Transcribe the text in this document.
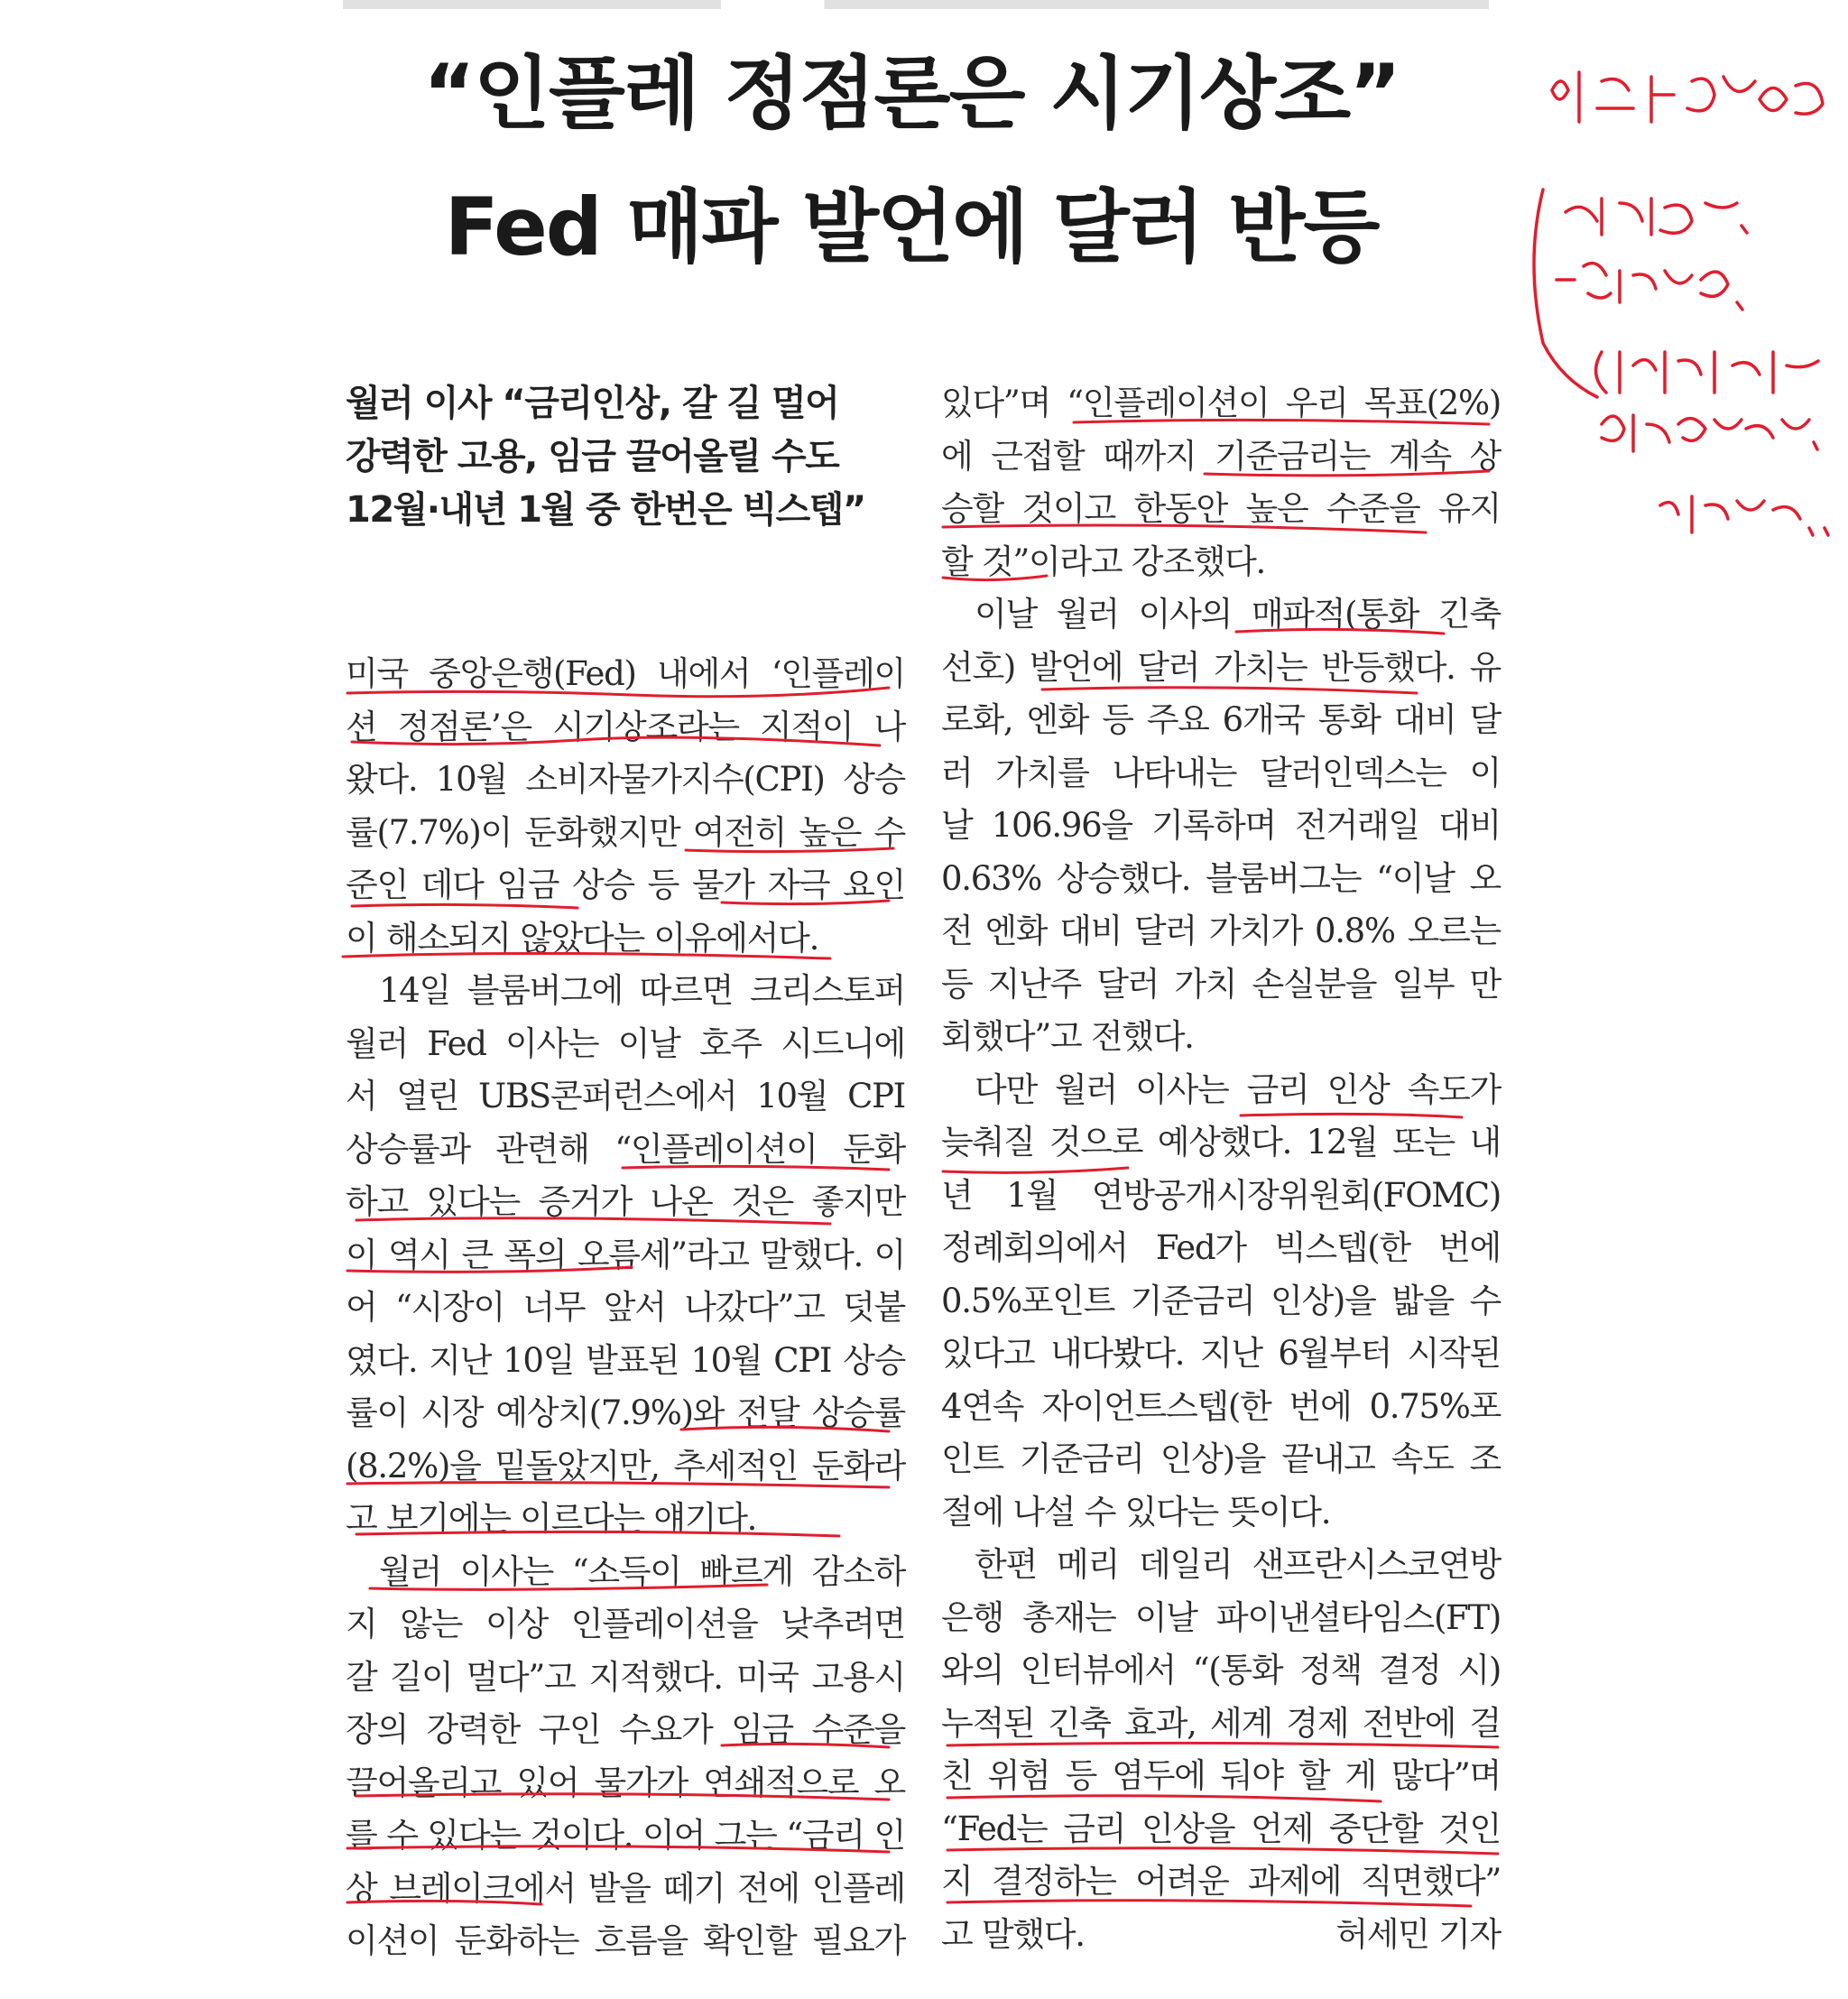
“인플레 정점론은 시기상조”
Fed 매파 발언에 달러 반등
월러 이사 “금리인상, 갈 길 멀어
강력한 고용, 임금 끌어올릴 수도
12월·내년 1월 중 한번은 빅스텝”
미국 중앙은행(Fed) 내에서 ‘인플레이
션 정점론’은 시기상조라는 지적이 나
왔다. 10월 소비자물가지수(CPI) 상승
률(7.7%)이 둔화했지만 여전히 높은 수
준인 데다 임금 상승 등 물가 자극 요인
이 해소되지 않았다는 이유에서다.
14일 블룸버그에 따르면 크리스토퍼
월러 Fed 이사는 이날 호주 시드니에
서 열린 UBS콘퍼런스에서 10월 CPI
상승률과 관련해 “인플레이션이 둔화
하고 있다는 증거가 나온 것은 좋지만
이 역시 큰 폭의 오름세”라고 말했다. 이
어 “시장이 너무 앞서 나갔다”고 덧붙
였다. 지난 10일 발표된 10월 CPI 상승
률이 시장 예상치(7.9%)와 전달 상승률
(8.2%)을 밑돌았지만, 추세적인 둔화라
고 보기에는 이르다는 얘기다.
월러 이사는 “소득이 빠르게 감소하
지 않는 이상 인플레이션을 낮추려면
갈 길이 멀다”고 지적했다. 미국 고용시
장의 강력한 구인 수요가 임금 수준을
끌어올리고 있어 물가가 연쇄적으로 오
를 수 있다는 것이다. 이어 그는 “금리 인
상 브레이크에서 발을 떼기 전에 인플레
이션이 둔화하는 흐름을 확인할 필요가
있다”며 “인플레이션이 우리 목표(2%)
에 근접할 때까지 기준금리는 계속 상
승할 것이고 한동안 높은 수준을 유지
할 것”이라고 강조했다.
이날 월러 이사의 매파적(통화 긴축
선호) 발언에 달러 가치는 반등했다. 유
로화, 엔화 등 주요 6개국 통화 대비 달
러 가치를 나타내는 달러인덱스는 이
날 106.96을 기록하며 전거래일 대비
0.63% 상승했다. 블룸버그는 “이날 오
전 엔화 대비 달러 가치가 0.8% 오르는
등 지난주 달러 가치 손실분을 일부 만
회했다”고 전했다.
다만 월러 이사는 금리 인상 속도가
늦춰질 것으로 예상했다. 12월 또는 내
년 1월 연방공개시장위원회(FOMC)
정례회의에서 Fed가 빅스텝(한 번에
0.5%포인트 기준금리 인상)을 밟을 수
있다고 내다봤다. 지난 6월부터 시작된
4연속 자이언트스텝(한 번에 0.75%포
인트 기준금리 인상)을 끝내고 속도 조
절에 나설 수 있다는 뜻이다.
한편 메리 데일리 샌프란시스코연방
은행 총재는 이날 파이낸셜타임스(FT)
와의 인터뷰에서 “(통화 정책 결정 시)
누적된 긴축 효과, 세계 경제 전반에 걸
친 위험 등 염두에 둬야 할 게 많다”며
“Fed는 금리 인상을 언제 중단할 것인
지 결정하는 어려운 과제에 직면했다”
고 말했다.	허세민 기자
